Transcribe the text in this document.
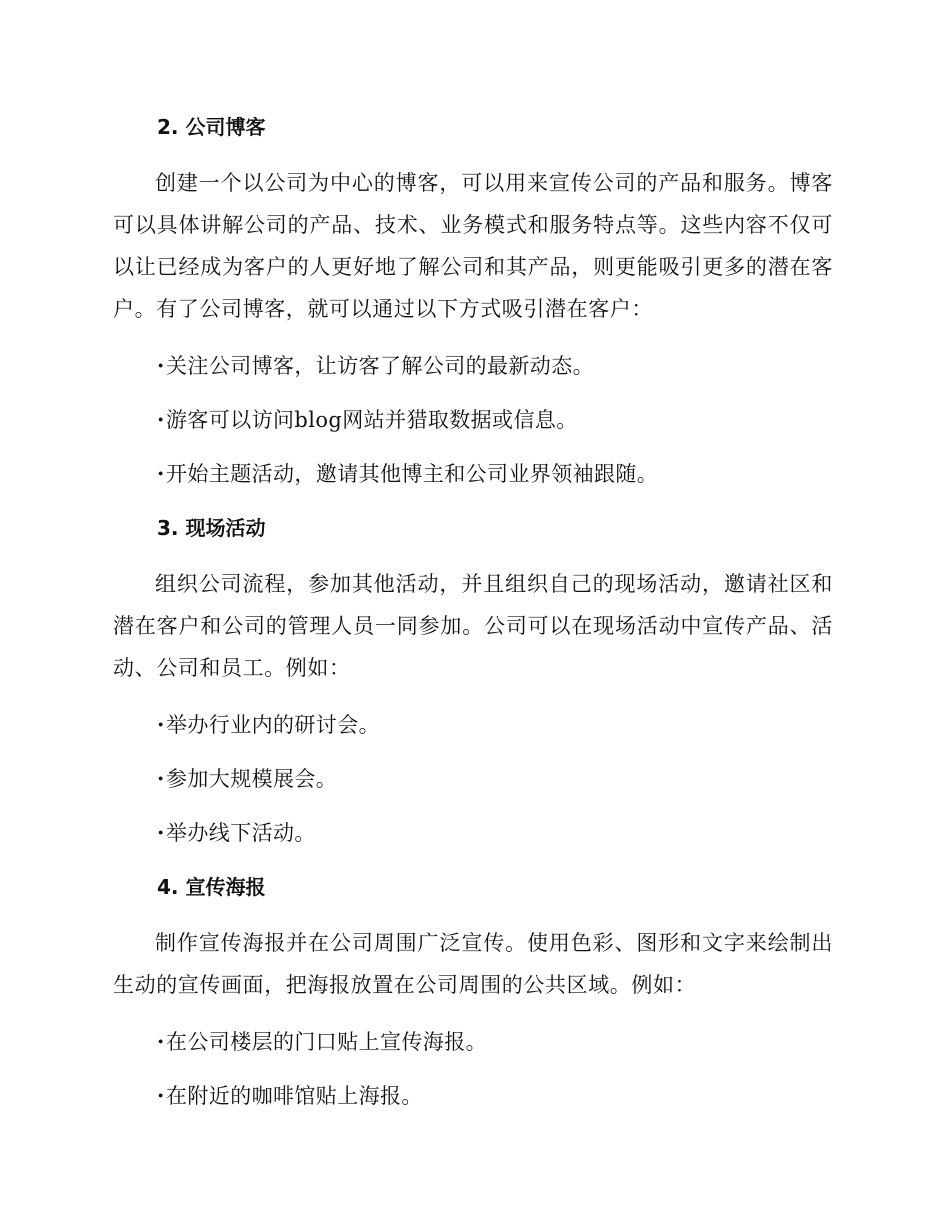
2. 公司博客

创建一个以公司为中心的博客，可以用来宣传公司的产品和服务。博客可以具体讲解公司的产品、技术、业务模式和服务特点等。这些内容不仅可以让已经成为客户的人更好地了解公司和其产品，则更能吸引更多的潜在客户。有了公司博客，就可以通过以下方式吸引潜在客户：

·关注公司博客，让访客了解公司的最新动态。
·游客可以访问blog网站并猎取数据或信息。
·开始主题活动，邀请其他博主和公司业界领袖跟随。
3. 现场活动

组织公司流程，参加其他活动，并且组织自己的现场活动，邀请社区和潜在客户和公司的管理人员一同参加。公司可以在现场活动中宣传产品、活动、公司和员工。例如：

·举办行业内的研讨会。
·参加大规模展会。
·举办线下活动。
4. 宣传海报

制作宣传海报并在公司周围广泛宣传。使用色彩、图形和文字来绘制出生动的宣传画面，把海报放置在公司周围的公共区域。例如：

·在公司楼层的门口贴上宣传海报。
·在附近的咖啡馆贴上海报。
